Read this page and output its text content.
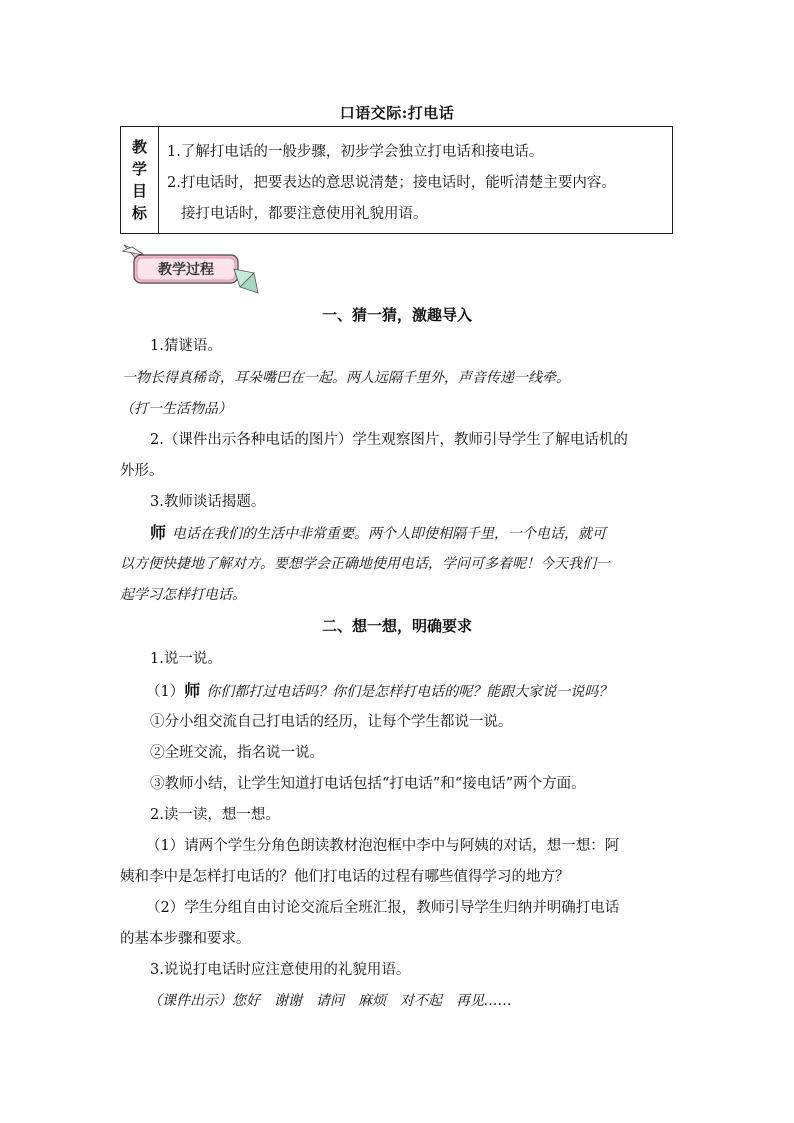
口语交际:打电话
教
学
目
标
1.了解打电话的一般步骤，初步学会独立打电话和接电话。
2.打电话时，把要表达的意思说清楚；接电话时，能听清楚主要内容。
接打电话时，都要注意使用礼貌用语。
教学过程
一、猜一猜，激趣导入
1.猜谜语。
一物长得真稀奇，耳朵嘴巴在一起。两人远隔千里外，声音传递一线牵。
（打一生活物品）
2.（课件出示各种电话的图片）学生观察图片，教师引导学生了解电话机的
外形。
3.教师谈话揭题。
师 电话在我们的生活中非常重要。两个人即使相隔千里，一个电话，就可
以方便快捷地了解对方。要想学会正确地使用电话，学问可多着呢！今天我们一
起学习怎样打电话。
二、想一想，明确要求
1.说一说。
（1）师 你们都打过电话吗？你们是怎样打电话的呢？能跟大家说一说吗？
①分小组交流自己打电话的经历，让每个学生都说一说。
②全班交流，指名说一说。
③教师小结，让学生知道打电话包括“打电话”和“接电话”两个方面。
2.读一读，想一想。
（1）请两个学生分角色朗读教材泡泡框中李中与阿姨的对话，想一想：阿
姨和李中是怎样打电话的？他们打电话的过程有哪些值得学习的地方？
（2）学生分组自由讨论交流后全班汇报，教师引导学生归纳并明确打电话
的基本步骤和要求。
3.说说打电话时应注意使用的礼貌用语。
（课件出示）您好　谢谢　请问　麻烦　对不起　再见……
